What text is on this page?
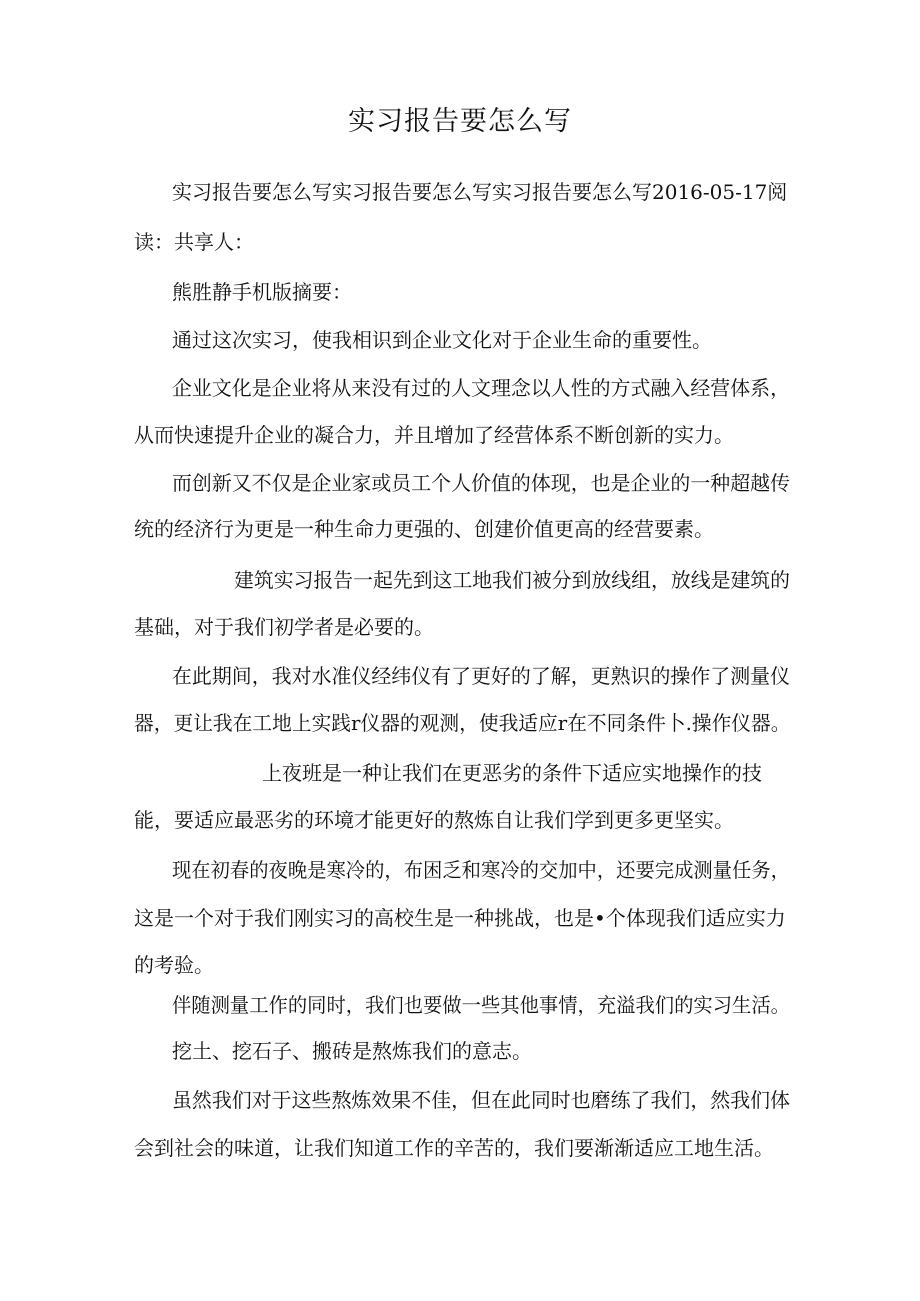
实习报告要怎么写
实习报告要怎么写实习报告要怎么写实习报告要怎么写2016-05-17阅
读：共享人：
熊胜静手机版摘要：
通过这次实习，使我相识到企业文化对于企业生命的重要性。
企业文化是企业将从来没有过的人文理念以人性的方式融入经营体系，
从而快速提升企业的凝合力，并且增加了经营体系不断创新的实力。
而创新又不仅是企业家或员工个人价值的体现，也是企业的一种超越传
统的经济行为更是一种生命力更强的、创建价值更高的经营要素。
建筑实习报告一起先到这工地我们被分到放线组，放线是建筑的
基础，对于我们初学者是必要的。
在此期间，我对水准仪经纬仪有了更好的了解，更熟识的操作了测量仪
器，更让我在工地上实践r仪器的观测，使我适应r在不同条件卜.操作仪器。
上夜班是一种让我们在更恶劣的条件下适应实地操作的技
能，要适应最恶劣的环境才能更好的熬炼自让我们学到更多更坚实。
现在初春的夜晚是寒冷的，布困乏和寒冷的交加中，还要完成测量任务，
这是一个对于我们刚实习的高校生是一种挑战，也是•个体现我们适应实力
的考验。
伴随测量工作的同时，我们也要做一些其他事情，充溢我们的实习生活。
挖土、挖石子、搬砖是熬炼我们的意志。
虽然我们对于这些熬炼效果不佳，但在此同时也磨练了我们，然我们体
会到社会的味道，让我们知道工作的辛苦的，我们要渐渐适应工地生活。
